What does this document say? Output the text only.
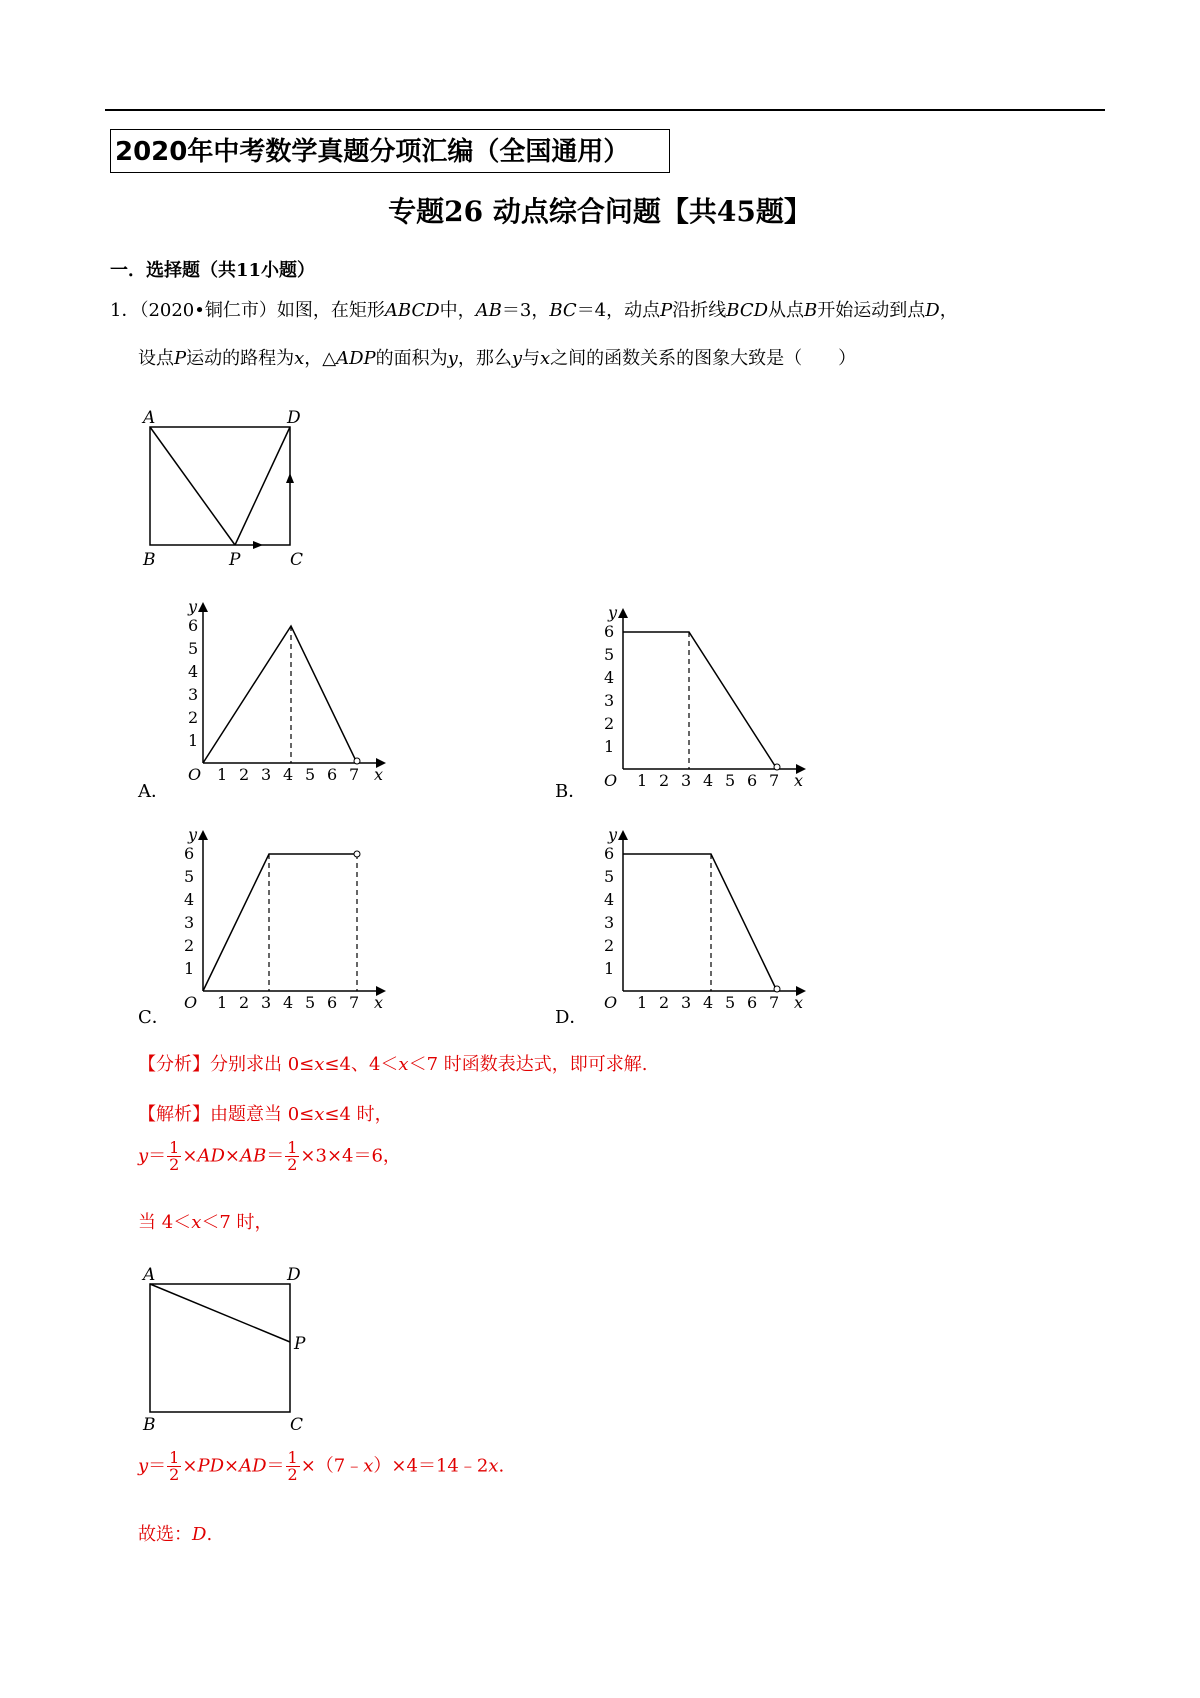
2020年中考数学真题分项汇编（全国通用）
专题26 动点综合问题【共45题】
一．选择题（共11小题）
1．（2020•铜仁市）如图，在矩形ABCD中，AB＝3，BC＝4，动点P沿折线BCD从点B开始运动到点D，
设点P运动的路程为x，△ADP的面积为y，那么y与x之间的函数关系的图象大致是（　　）
A	D
B	P	C
A．	B．
C．	D．
y
O	x
1 2 3 4 5 6 7
1
2
3
4
5
6
y
O	x
1 2 3 4 5 6 7
1
2
3
4
5
6
y
O	x
1 2 3 4 5 6 7
1
2
3
4
5
6
y
O	x
1 2 3 4 5 6 7
1
2
3
4
5
6
【分析】分别求出 0≤x≤4、4＜x＜7 时函数表达式，即可求解.
【解析】由题意当 0≤x≤4 时，
$y= \frac{1}{2} \times AD\times AB= \frac{1}{2} \times 3\times 4=6$，
当 4＜x＜7 时，
A	D
P
B	C
$y= \frac{1}{2} \times PD\times AD= \frac{1}{2}$ ×（7﹣x）×4＝14﹣2x.
故选：D.
